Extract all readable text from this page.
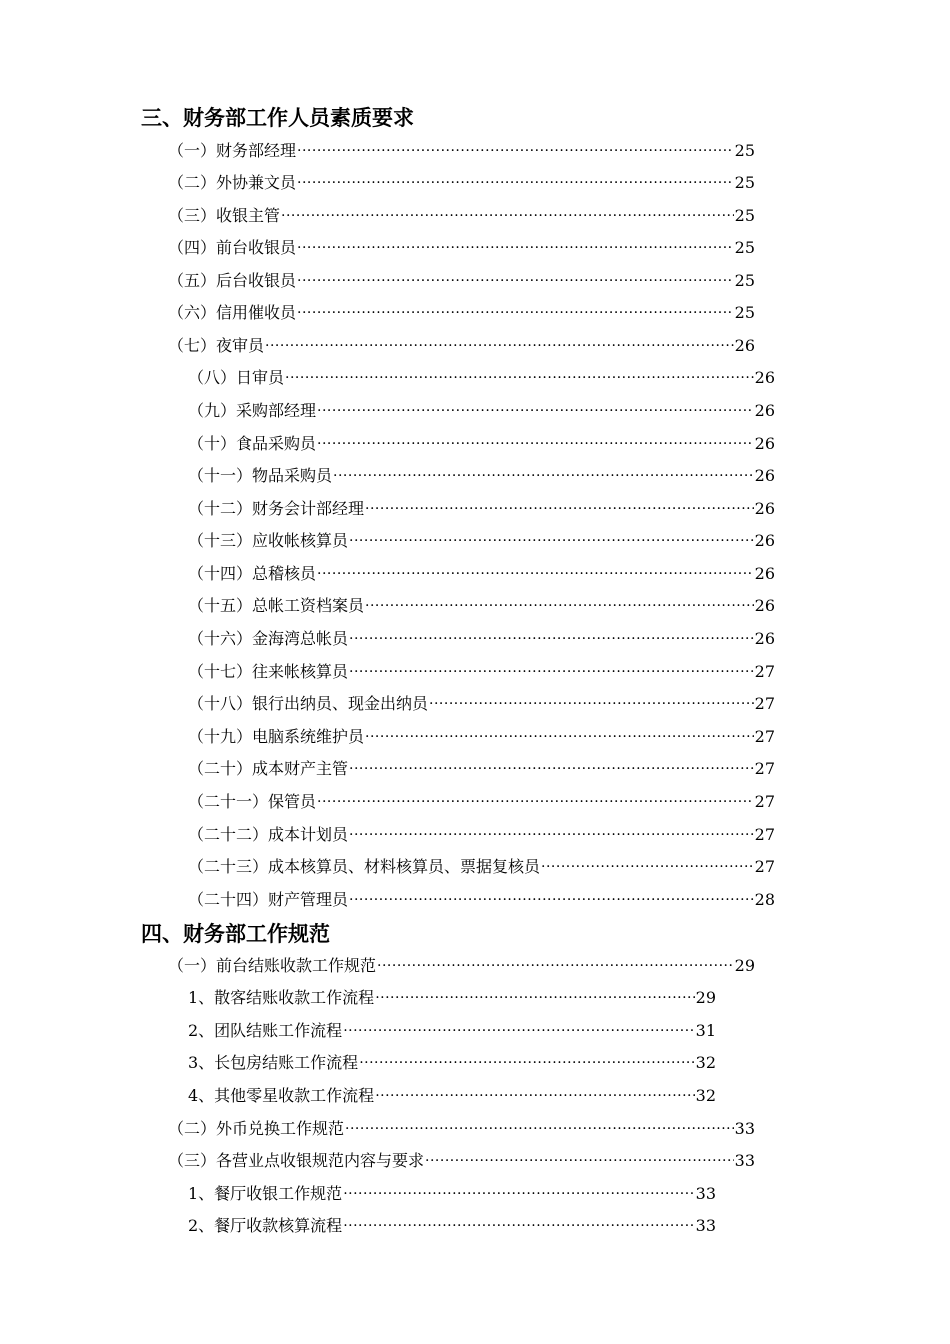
三、财务部工作人员素质要求
（一）财务部经理 ·····	25
（二）外协兼文员 ·····	25
（三）收银主管 ·····	25
（四）前台收银员 ·····	25
（五）后台收银员 ·····	25
（六）信用催收员 ·····	25
（七）夜审员 ·····	26
（八）日审员 ·····	26
（九）采购部经理 ·····	26
（十）食品采购员 ·····	26
（十一）物品采购员 ·····	26
（十二）财务会计部经理 ·····	26
（十三）应收帐核算员 ·····	26
（十四）总稽核员 ·····	26
（十五）总帐工资档案员 ·····	26
（十六）金海湾总帐员 ·····	26
（十七）往来帐核算员 ·····	27
（十八）银行出纳员、现金出纳员 ·····	27
（十九）电脑系统维护员 ·····	27
（二十）成本财产主管 ·····	27
（二十一）保管员 ·····	27
（二十二）成本计划员 ·····	27
（二十三）成本核算员、材料核算员、票据复核员 ·····	27
（二十四）财产管理员 ·····	28
四、财务部工作规范
（一）前台结账收款工作规范 ·····	29
1、散客结账收款工作流程 ·····	29
2、团队结账工作流程 ·····	31
3、长包房结账工作流程 ·····	32
4、其他零星收款工作流程 ·····	32
（二）外币兑换工作规范 ·····	33
（三）各营业点收银规范内容与要求 ·····	33
1、餐厅收银工作规范 ·····	33
2、餐厅收款核算流程 ·····	33
